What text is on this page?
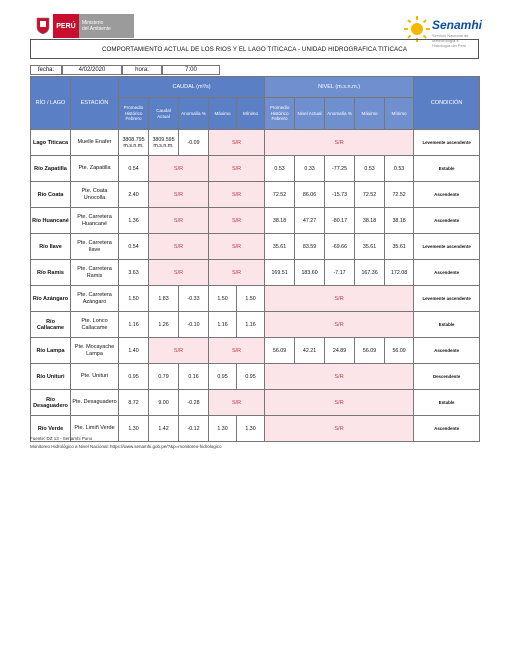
PERÚ	Ministerio
del Ambiente	Senamhi
Servicio Nacional de Meteorología e Hidrología del Perú
COMPORTAMIENTO ACTUAL DE LOS RIOS Y EL LAGO TITICACA - UNIDAD HIDROGRAFICA TITICACA
fecha:	4/02/2020	hora:	7:00
RÍO / LAGO	ESTACIÓN	CAUDAL (m³/s)					NIVEL (m.s.n.m.)					CONDICIÓN
		Promedio Histórico Febrero	Caudal Actual	Anomalía %	Máximo	Mínimo	Promedio Histórico Febrero	Nivel Actual	Anomalía %	Máximo	Mínimo	
Lago Titicaca	Muelle Enafer	3808.795 m.s.n.m.	3809.595 m.s.n.m.	-0.09	S/R		S/R					Levemente ascendente
Río Zapatilla	Pte. Zapatilla	0.54	S/R		S/R		0.53	0.33	-77.25	0.53	0.53	Estable
Río Coata	Pte. Coata Unocolla	2.40	S/R		S/R		72.52	86.06	-15.73	72.52	72.52	Ascendente
Río Huancané	Pte. Carretera Huancané	1.36	S/R		S/R		38.18	47.27	-80.17	38.18	38.18	Ascendente
Río Ilave	Pte. Carretera Ilave	0.54	S/R		S/R		35.61	83.59	-69.66	35.61	35.61	Levemente ascendente
Río Ramis	Pte. Carretera Ramis	3.63	S/R		S/R		169.51	183.60	-7.17	167.36	172.08	Ascendente
Río Azángaro	Pte. Carretera Azángaro	1.50	1.83	-0.33	1.50	1.50	S/R					Levemente ascendente
Río Callacame	Pte. Lonco Callacame	1.16	1.26	-0.10	1.16	1.16	S/R					Estable
Río Lampa	Pte. Mocayache Lampa	1.40	S/R		S/R		56.09	42.21	24.89	56.09	56.09	Ascendente
Río Unituri	Pte. Unituri	0.95	0.79	0.16	0.95	0.95	S/R					Descendente
Río Desaguadero	Pte. Desaguadero	8.72	9.00	-0.28	S/R		S/R					Estable
Río Verde	Pte. Limiñ Verde	1.30	1.42	-0.12	1.30	1.30	S/R					Ascendente
Fuente: DZ 13 - Senamhi Puno
Monitoreo Hidrológico a Nivel Nacional: https://www.senamhi.gob.pe/?&p=monitoreo-hidrologico
